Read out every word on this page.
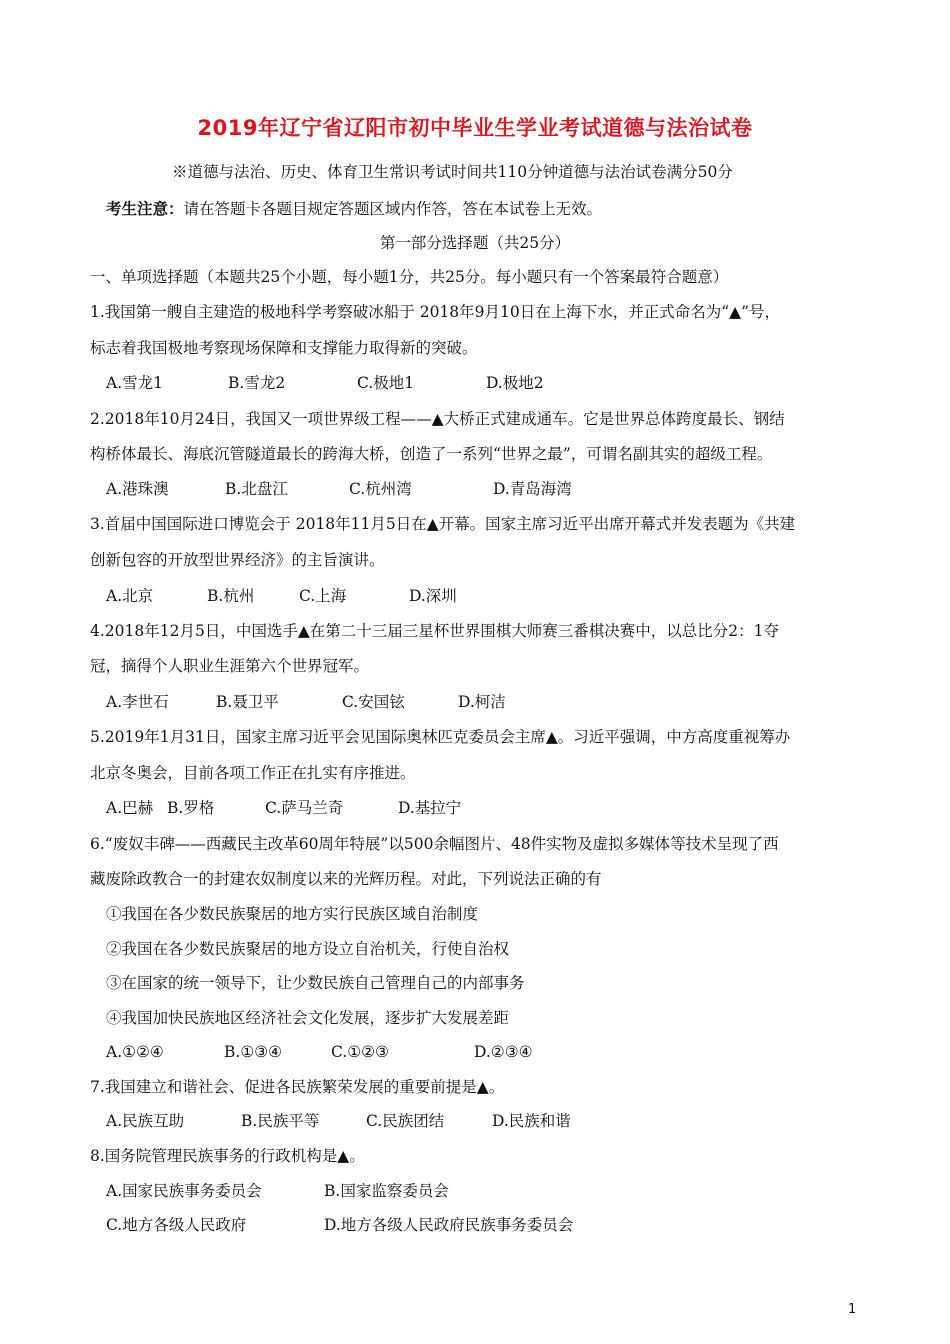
2019年辽宁省辽阳市初中毕业生学业考试道德与法治试卷
※道德与法治、历史、体育卫生常识考试时间共110分钟道德与法治试卷满分50分
考生注意：请在答题卡各题目规定答题区域内作答，答在本试卷上无效。
第一部分选择题（共25分）
一、单项选择题（本题共25个小题，每小题1分，共25分。每小题只有一个答案最符合题意）
1.我国第一艘自主建造的极地科学考察破冰船于 2018年9月10日在上海下水，并正式命名为“▲”号，
标志着我国极地考察现场保障和支撑能力取得新的突破。
A.雪龙1	B.雪龙2	C.极地1	D.极地2
2.2018年10月24日，我国又一项世界级工程——▲大桥正式建成通车。它是世界总体跨度最长、钢结
构桥体最长、海底沉管隧道最长的跨海大桥，创造了一系列“世界之最”，可谓名副其实的超级工程。
A.港珠澳	B.北盘江	C.杭州湾	D.青岛海湾
3.首届中国国际进口博览会于 2018年11月5日在▲开幕。国家主席习近平出席开幕式并发表题为《共建
创新包容的开放型世界经济》的主旨演讲。
A.北京	B.杭州	C.上海	D.深圳
4.2018年12月5日，中国选手▲在第二十三届三星杯世界围棋大师赛三番棋决赛中，以总比分2：1夺
冠，摘得个人职业生涯第六个世界冠军。
A.李世石	B.聂卫平	C.安国铉	D.柯洁
5.2019年1月31日，国家主席习近平会见国际奥林匹克委员会主席▲。习近平强调，中方高度重视筹办
北京冬奥会，目前各项工作正在扎实有序推进。
A.巴赫 B.罗格	C.萨马兰奇	D.基拉宁
6.“废奴丰碑——西藏民主改革60周年特展”以500余幅图片、48件实物及虚拟多媒体等技术呈现了西
藏废除政教合一的封建农奴制度以来的光辉历程。对此，下列说法正确的有
①我国在各少数民族聚居的地方实行民族区域自治制度
②我国在各少数民族聚居的地方设立自治机关，行使自治权
③在国家的统一领导下，让少数民族自己管理自己的内部事务
④我国加快民族地区经济社会文化发展，逐步扩大发展差距
A.①②④	B.①③④	C.①②③	D.②③④
7.我国建立和谐社会、促进各民族繁荣发展的重要前提是▲。
A.民族互助	B.民族平等	C.民族团结	D.民族和谐
8.国务院管理民族事务的行政机构是▲。
A.国家民族事务委员会	B.国家监察委员会
C.地方各级人民政府	D.地方各级人民政府民族事务委员会
1
